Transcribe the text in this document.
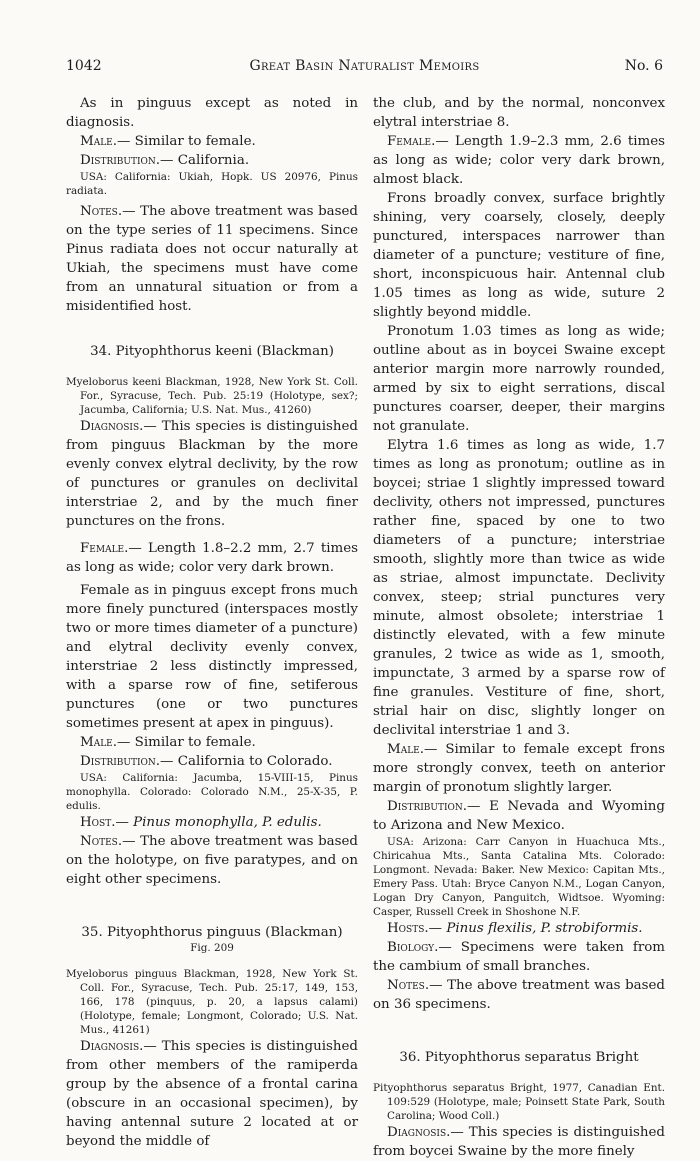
1042	Great Basin Naturalist Memoirs	No. 6

As in pinguus except as noted in diagnosis.

Male.— Similar to female.

Distribution.— California.

USA: California: Ukiah, Hopk. US 20976, Pinus radiata.

Notes.— The above treatment was based on the type series of 11 specimens. Since Pinus radiata does not occur naturally at Ukiah, the specimens must have come from an unnatural situation or from a misidentified host.

34. Pityophthorus keeni (Blackman)

Myeloborus keeni Blackman, 1928, New York St. Coll. For., Syracuse, Tech. Pub. 25:19 (Holotype, sex?; Jacumba, California; U.S. Nat. Mus., 41260)

Diagnosis.— This species is distinguished from pinguus Blackman by the more evenly convex elytral declivity, by the row of punctures or granules on declivital interstriae 2, and by the much finer punctures on the frons.

Female.— Length 1.8–2.2 mm, 2.7 times as long as wide; color very dark brown.

Female as in pinguus except frons much more finely punctured (interspaces mostly two or more times diameter of a puncture) and elytral declivity evenly convex, interstriae 2 less distinctly impressed, with a sparse row of fine, setiferous punctures (one or two punctures sometimes present at apex in pinguus).

Male.— Similar to female.

Distribution.— California to Colorado.

USA: California: Jacumba, 15-VIII-15, Pinus monophylla. Colorado: Colorado N.M., 25-X-35, P. edulis.

Host.— Pinus monophylla, P. edulis.

Notes.— The above treatment was based on the holotype, on five paratypes, and on eight other specimens.

35. Pityophthorus pinguus (Blackman)
Fig. 209

Myeloborus pinguus Blackman, 1928, New York St. Coll. For., Syracuse, Tech. Pub. 25:17, 149, 153, 166, 178 (pinquus, p. 20, a lapsus calami) (Holotype, female; Longmont, Colorado; U.S. Nat. Mus., 41261)

Diagnosis.— This species is distinguished from other members of the ramiperda group by the absence of a frontal carina (obscure in an occasional specimen), by having antennal suture 2 located at or beyond the middle of

the club, and by the normal, nonconvex elytral interstriae 8.

Female.— Length 1.9–2.3 mm, 2.6 times as long as wide; color very dark brown, almost black.

Frons broadly convex, surface brightly shining, very coarsely, closely, deeply punctured, interspaces narrower than diameter of a puncture; vestiture of fine, short, inconspicuous hair. Antennal club 1.05 times as long as wide, suture 2 slightly beyond middle.

Pronotum 1.03 times as long as wide; outline about as in boycei Swaine except anterior margin more narrowly rounded, armed by six to eight serrations, discal punctures coarser, deeper, their margins not granulate.

Elytra 1.6 times as long as wide, 1.7 times as long as pronotum; outline as in boycei; striae 1 slightly impressed toward declivity, others not impressed, punctures rather fine, spaced by one to two diameters of a puncture; interstriae smooth, slightly more than twice as wide as striae, almost impunctate. Declivity convex, steep; strial punctures very minute, almost obsolete; interstriae 1 distinctly elevated, with a few minute granules, 2 twice as wide as 1, smooth, impunctate, 3 armed by a sparse row of fine granules. Vestiture of fine, short, strial hair on disc, slightly longer on declivital interstriae 1 and 3.

Male.— Similar to female except frons more strongly convex, teeth on anterior margin of pronotum slightly larger.

Distribution.— E Nevada and Wyoming to Arizona and New Mexico.

USA: Arizona: Carr Canyon in Huachuca Mts., Chiricahua Mts., Santa Catalina Mts. Colorado: Longmont. Nevada: Baker. New Mexico: Capitan Mts., Emery Pass. Utah: Bryce Canyon N.M., Logan Canyon, Logan Dry Canyon, Panguitch, Widtsoe. Wyoming: Casper, Russell Creek in Shoshone N.F.

Hosts.— Pinus flexilis, P. strobiformis.

Biology.— Specimens were taken from the cambium of small branches.

Notes.— The above treatment was based on 36 specimens.

36. Pityophthorus separatus Bright

Pityophthorus separatus Bright, 1977, Canadian Ent. 109:529 (Holotype, male; Poinsett State Park, South Carolina; Wood Coll.)

Diagnosis.— This species is distinguished from boycei Swaine by the more finely
